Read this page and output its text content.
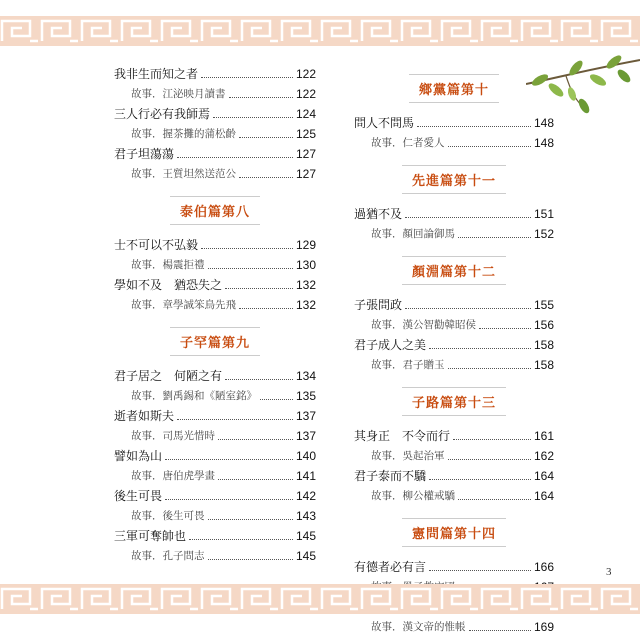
我非生而知之者	122
故事．江泌映月讀書	122
三人行必有我師焉	124
故事．握茶攤的蒲松齡	125
君子坦蕩蕩	127
故事．王質坦然送范公	127
泰伯篇第八
士不可以不弘毅	129
故事．楊震拒禮	130
學如不及　猶恐失之	132
故事．章學誠笨鳥先飛	132
子罕篇第九
君子居之　何陋之有	134
故事．劉禹錫和《陋室銘》	135
逝者如斯夫	137
故事．司馬光惜時	137
譬如為山	140
故事．唐伯虎學畫	141
後生可畏	142
故事．後生可畏	143
三軍可奪帥也	145
故事．孔子問志	145
鄉黨篇第十
問人不問馬	148
故事．仁者愛人	148
先進篇第十一
過猶不及	151
故事．顏回論御馬	152
顏淵篇第十二
子張問政	155
故事．漢公智勸韓昭侯	156
君子成人之美	158
故事．君子贈玉	158
子路篇第十三
其身正　不令而行	161
故事．吳起治軍	162
君子泰而不驕	164
故事．柳公權戒驕	164
憲問篇第十四
有德者必有言	166
故事．漢文帝的惟帳	169
3
